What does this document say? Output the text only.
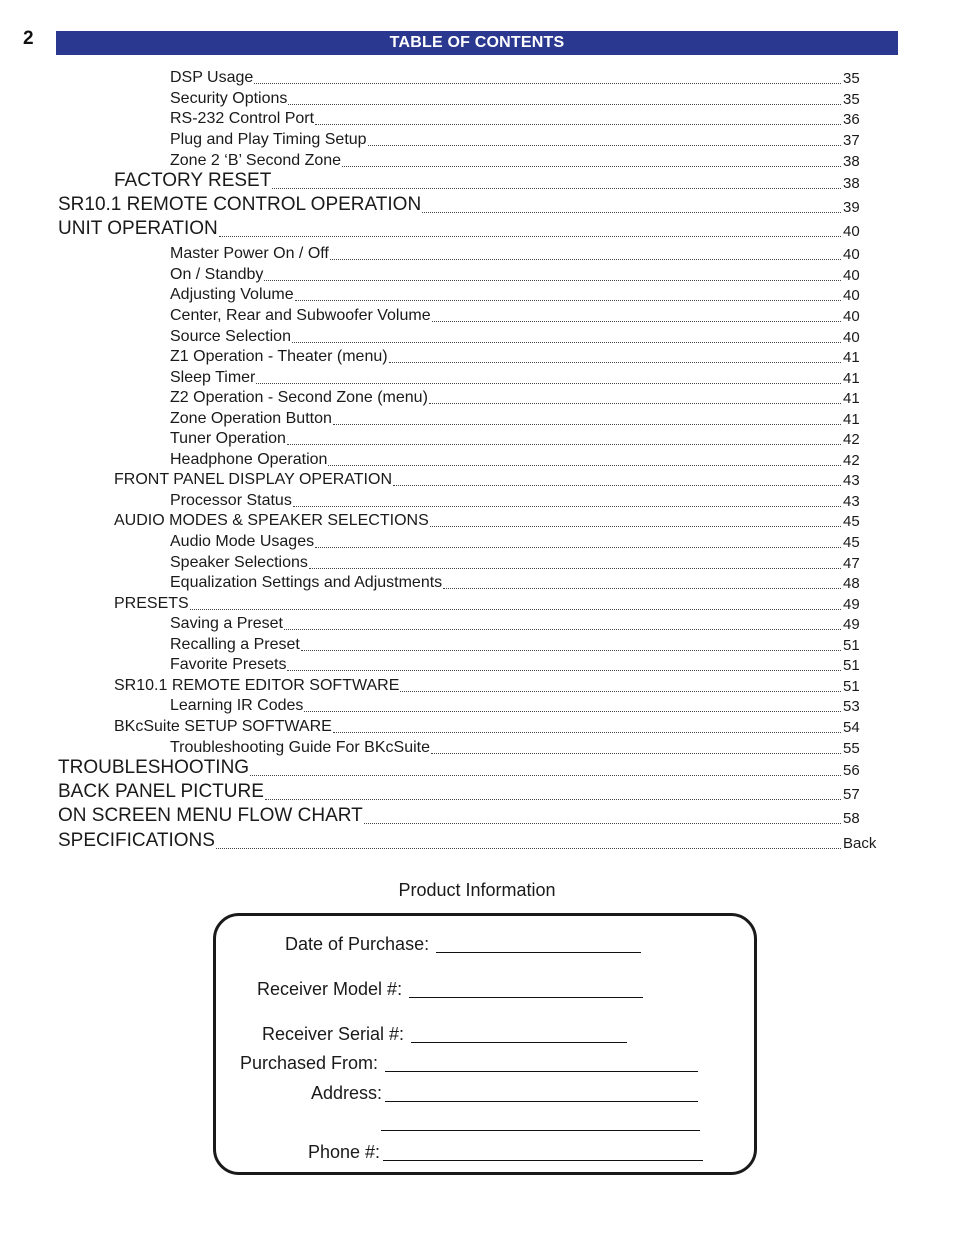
2	TABLE OF CONTENTS
DSP Usage	35
Security Options	35
RS-232 Control Port	36
Plug and Play Timing Setup	37
Zone 2 ‘B’ Second Zone	38
FACTORY RESET	38
SR10.1 REMOTE CONTROL OPERATION	39
UNIT OPERATION	40
Master Power On / Off	40
On / Standby	40
Adjusting Volume	40
Center, Rear and Subwoofer Volume	40
Source Selection	40
Z1 Operation - Theater (menu)	41
Sleep Timer	41
Z2 Operation - Second Zone (menu)	41
Zone Operation Button	41
Tuner Operation	42
Headphone Operation	42
FRONT PANEL DISPLAY OPERATION	43
Processor Status	43
AUDIO MODES & SPEAKER SELECTIONS	45
Audio Mode Usages	45
Speaker Selections	47
Equalization Settings and Adjustments	48
PRESETS	49
Saving a Preset	49
Recalling a Preset	51
Favorite Presets	51
SR10.1 REMOTE EDITOR SOFTWARE	51
Learning IR Codes	53
BKcSuite SETUP SOFTWARE	54
Troubleshooting Guide For BKcSuite	55
TROUBLESHOOTING	56
BACK PANEL PICTURE	57
ON SCREEN MENU FLOW CHART	58
SPECIFICATIONS	Back
Product Information
Date of Purchase:
Receiver Model #:
Receiver Serial #:
Purchased From:
Address:
Phone #:
